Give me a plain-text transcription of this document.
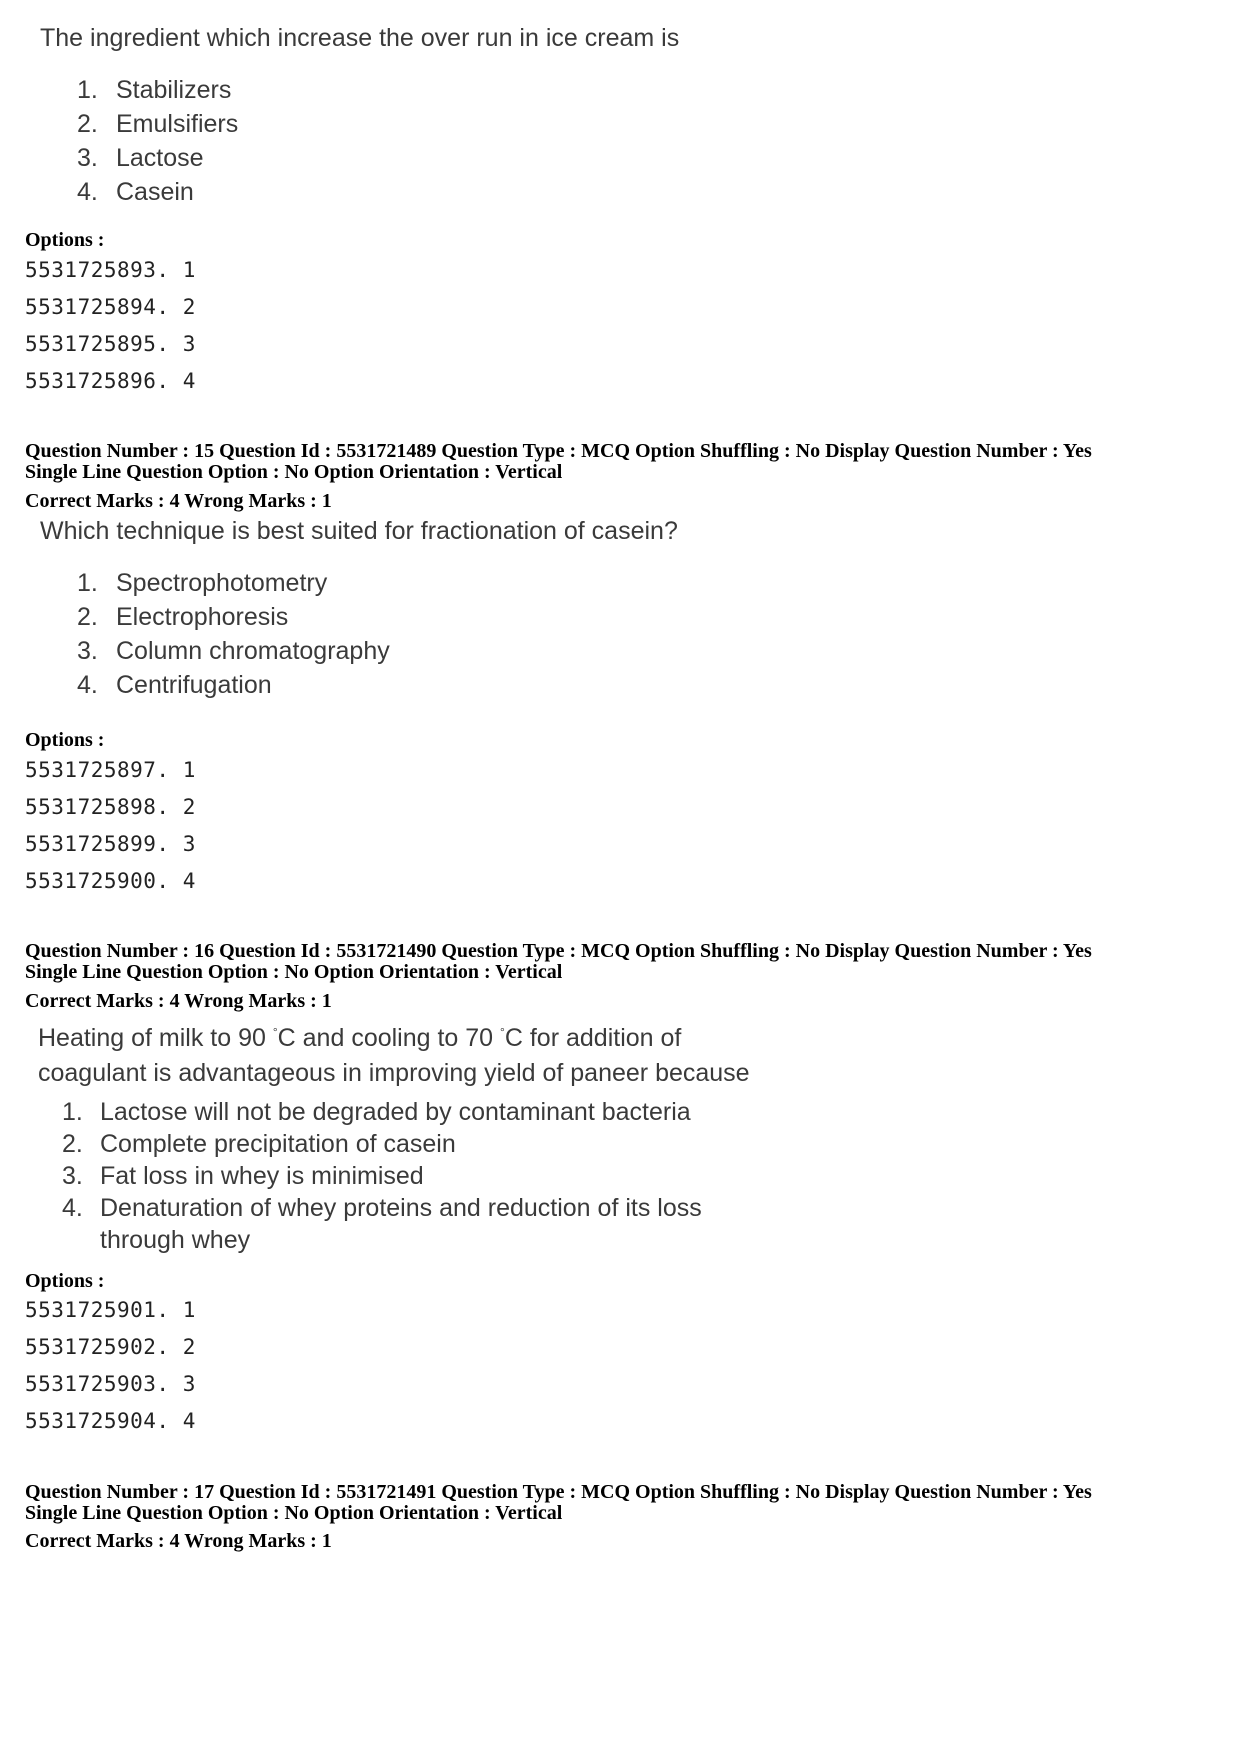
The ingredient which increase the over run in ice cream is
1. Stabilizers
2. Emulsifiers
3. Lactose
4. Casein
Options :
5531725893. 1
5531725894. 2
5531725895. 3
5531725896. 4
Question Number : 15 Question Id : 5531721489 Question Type : MCQ Option Shuffling : No Display Question Number : Yes
Single Line Question Option : No Option Orientation : Vertical
Correct Marks : 4 Wrong Marks : 1
Which technique is best suited for fractionation of casein?
1. Spectrophotometry
2. Electrophoresis
3. Column chromatography
4. Centrifugation
Options :
5531725897. 1
5531725898. 2
5531725899. 3
5531725900. 4
Question Number : 16 Question Id : 5531721490 Question Type : MCQ Option Shuffling : No Display Question Number : Yes
Single Line Question Option : No Option Orientation : Vertical
Correct Marks : 4 Wrong Marks : 1
Heating of milk to 90 °C and cooling to 70 °C for addition of
coagulant is advantageous in improving yield of paneer because
1. Lactose will not be degraded by contaminant bacteria
2. Complete precipitation of casein
3. Fat loss in whey is minimised
4. Denaturation of whey proteins and reduction of its loss
through whey
Options :
5531725901. 1
5531725902. 2
5531725903. 3
5531725904. 4
Question Number : 17 Question Id : 5531721491 Question Type : MCQ Option Shuffling : No Display Question Number : Yes
Single Line Question Option : No Option Orientation : Vertical
Correct Marks : 4 Wrong Marks : 1
